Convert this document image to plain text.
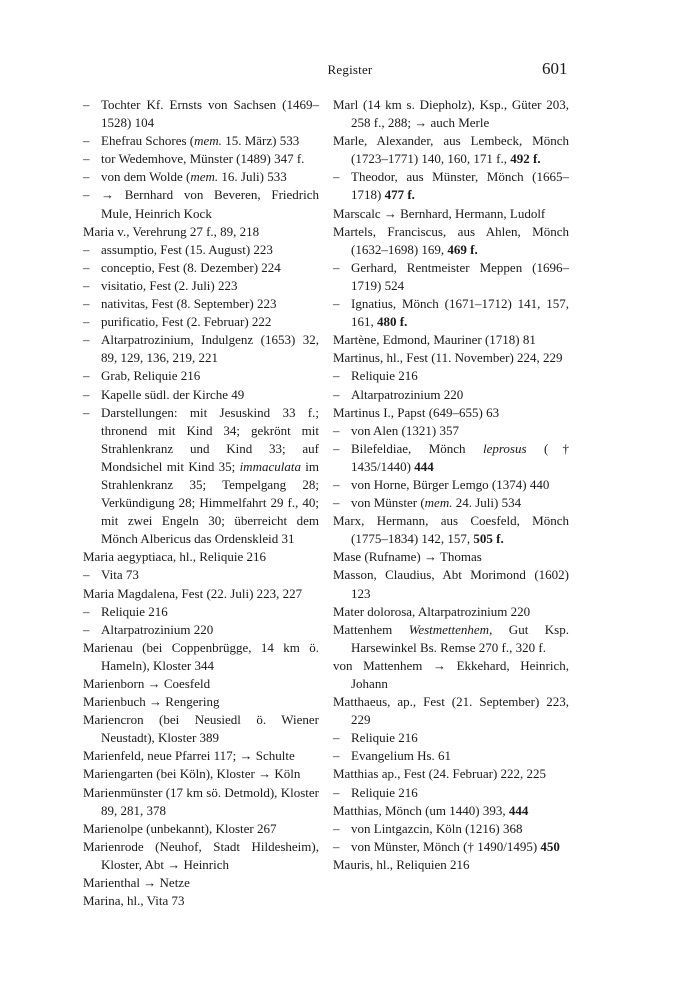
Register	601
– Tochter Kf. Ernsts von Sachsen (1469–1528) 104
– Ehefrau Schores (mem. 15. März) 533
– tor Wedemhove, Münster (1489) 347 f.
– von dem Wolde (mem. 16. Juli) 533
– → Bernhard von Beveren, Friedrich Mule, Heinrich Kock
Maria v., Verehrung 27 f., 89, 218
– assumptio, Fest (15. August) 223
– conceptio, Fest (8. Dezember) 224
– visitatio, Fest (2. Juli) 223
– nativitas, Fest (8. September) 223
– purificatio, Fest (2. Februar) 222
– Altarpatrozinium, Indulgenz (1653) 32, 89, 129, 136, 219, 221
– Grab, Reliquie 216
– Kapelle südl. der Kirche 49
– Darstellungen: mit Jesuskind 33 f.; thronend mit Kind 34; gekrönt mit Strahlenkranz und Kind 33; auf Mondsichel mit Kind 35; immaculata im Strahlenkranz 35; Tempelgang 28; Verkündigung 28; Himmelfahrt 29 f., 40; mit zwei Engeln 30; überreicht dem Mönch Albericus das Ordenskleid 31
Maria aegyptiaca, hl., Reliquie 216
– Vita 73
Maria Magdalena, Fest (22. Juli) 223, 227
– Reliquie 216
– Altarpatrozinium 220
Marienau (bei Coppenbrügge, 14 km ö. Hameln), Kloster 344
Marienborn → Coesfeld
Marienbuch → Rengering
Mariencron (bei Neusiedl ö. Wiener Neustadt), Kloster 389
Marienfeld, neue Pfarrei 117; → Schulte
Mariengarten (bei Köln), Kloster → Köln
Marienmünster (17 km sö. Detmold), Kloster 89, 281, 378
Marienolpe (unbekannt), Kloster 267
Marienrode (Neuhof, Stadt Hildesheim), Kloster, Abt → Heinrich
Marienthal → Netze
Marina, hl., Vita 73
Marl (14 km s. Diepholz), Ksp., Güter 203, 258 f., 288; → auch Merle
Marle, Alexander, aus Lembeck, Mönch (1723–1771) 140, 160, 171 f., 492 f.
– Theodor, aus Münster, Mönch (1665–1718) 477 f.
Marscalc → Bernhard, Hermann, Ludolf
Martels, Franciscus, aus Ahlen, Mönch (1632–1698) 169, 469 f.
– Gerhard, Rentmeister Meppen (1696–1719) 524
– Ignatius, Mönch (1671–1712) 141, 157, 161, 480 f.
Martène, Edmond, Mauriner (1718) 81
Martinus, hl., Fest (11. November) 224, 229
– Reliquie 216
– Altarpatrozinium 220
Martinus I., Papst (649–655) 63
– von Alen (1321) 357
– Bilefeldiae, Mönch leprosus († 1435/1440) 444
– von Horne, Bürger Lemgo (1374) 440
– von Münster (mem. 24. Juli) 534
Marx, Hermann, aus Coesfeld, Mönch (1775–1834) 142, 157, 505 f.
Mase (Rufname) → Thomas
Masson, Claudius, Abt Morimond (1602) 123
Mater dolorosa, Altarpatrozinium 220
Mattenhem Westmettenhem, Gut Ksp. Harsewinkel Bs. Remse 270 f., 320 f.
von Mattenhem → Ekkehard, Heinrich, Johann
Matthaeus, ap., Fest (21. September) 223, 229
– Reliquie 216
– Evangelium Hs. 61
Matthias ap., Fest (24. Februar) 222, 225
– Reliquie 216
Matthias, Mönch (um 1440) 393, 444
– von Lintgazcin, Köln (1216) 368
– von Münster, Mönch († 1490/1495) 450
Mauris, hl., Reliquien 216
